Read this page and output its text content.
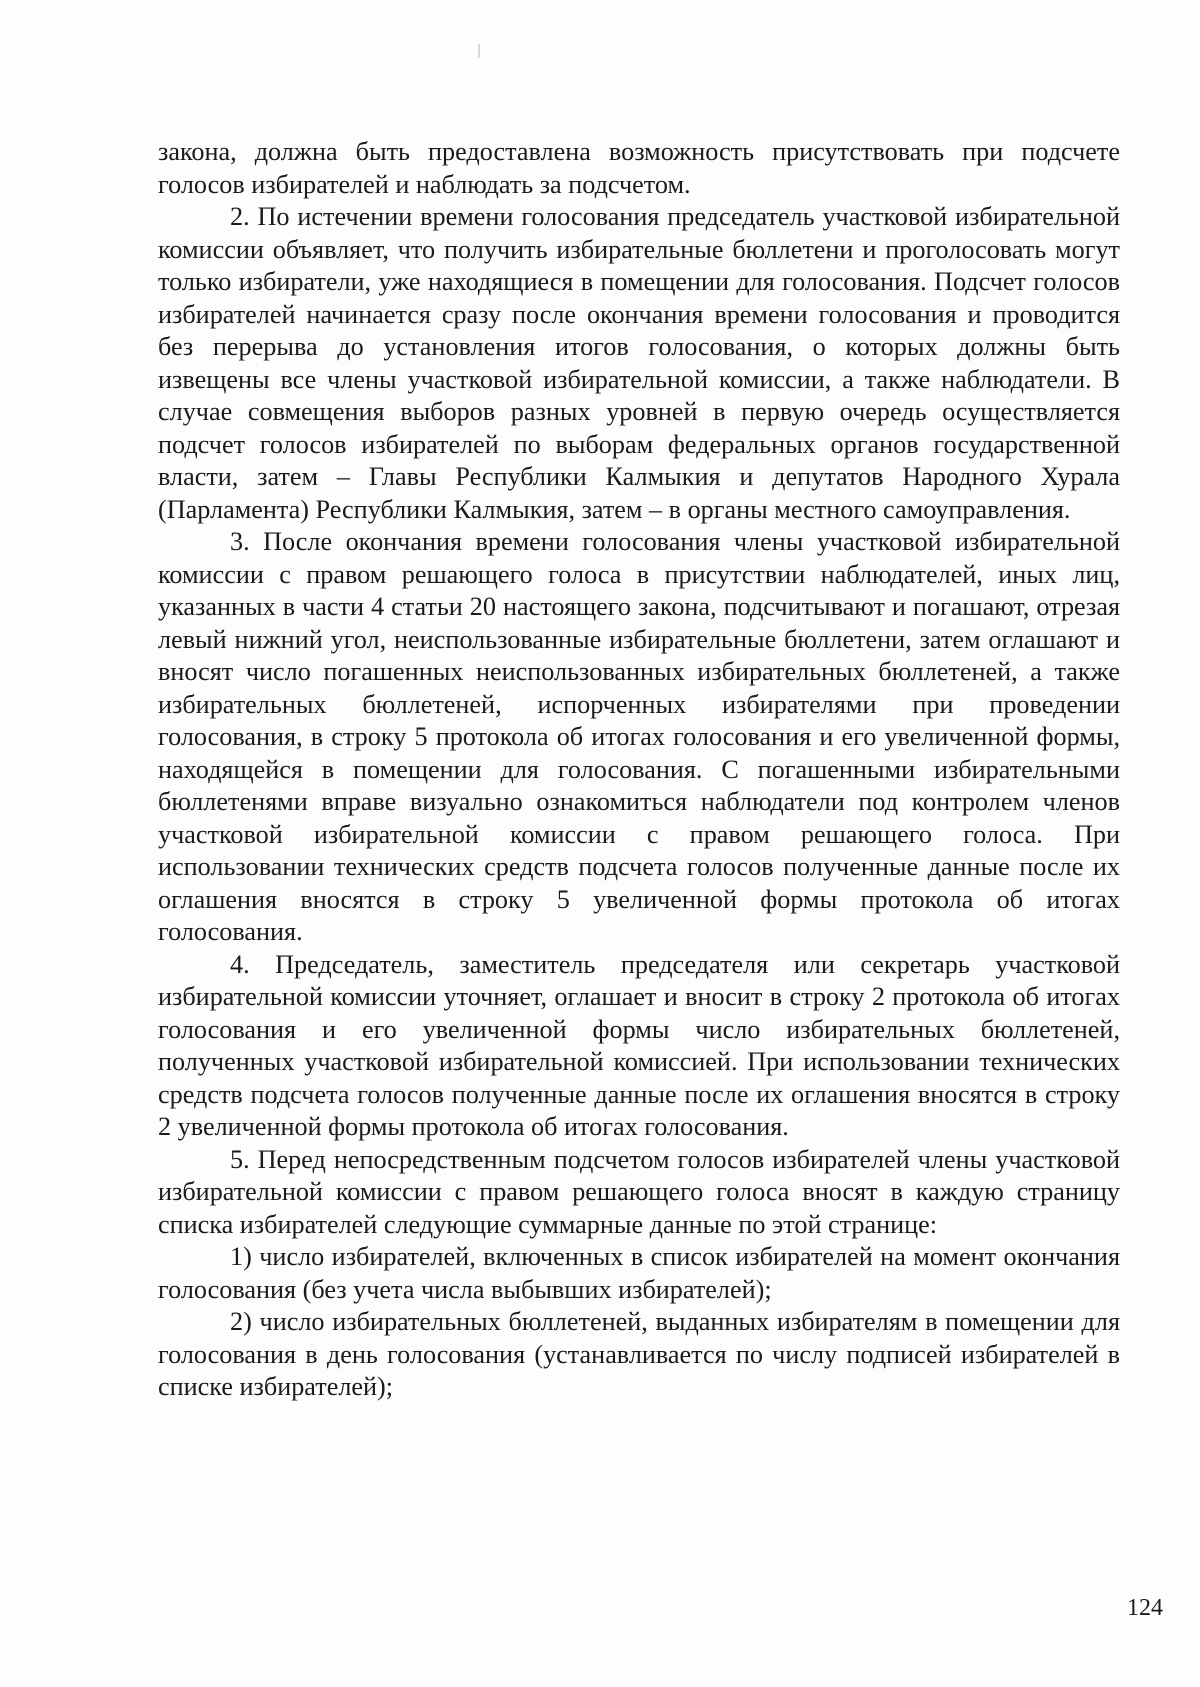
закона, должна быть предоставлена возможность присутствовать при подсчете голосов избирателей и наблюдать за подсчетом.

2. По истечении времени голосования председатель участковой избирательной комиссии объявляет, что получить избирательные бюллетени и проголосовать могут только избиратели, уже находящиеся в помещении для голосования. Подсчет голосов избирателей начинается сразу после окончания времени голосования и проводится без перерыва до установления итогов голосования, о которых должны быть извещены все члены участковой избирательной комиссии, а также наблюдатели. В случае совмещения выборов разных уровней в первую очередь осуществляется подсчет голосов избирателей по выборам федеральных органов государственной власти, затем – Главы Республики Калмыкия и депутатов Народного Хурала (Парламента) Республики Калмыкия, затем – в органы местного самоуправления.

3. После окончания времени голосования члены участковой избирательной комиссии с правом решающего голоса в присутствии наблюдателей, иных лиц, указанных в части 4 статьи 20 настоящего закона, подсчитывают и погашают, отрезая левый нижний угол, неиспользованные избирательные бюллетени, затем оглашают и вносят число погашенных неиспользованных избирательных бюллетеней, а также избирательных бюллетеней, испорченных избирателями при проведении голосования, в строку 5 протокола об итогах голосования и его увеличенной формы, находящейся в помещении для голосования. С погашенными избирательными бюллетенями вправе визуально ознакомиться наблюдатели под контролем членов участковой избирательной комиссии с правом решающего голоса. При использовании технических средств подсчета голосов полученные данные после их оглашения вносятся в строку 5 увеличенной формы протокола об итогах голосования.

4. Председатель, заместитель председателя или секретарь участковой избирательной комиссии уточняет, оглашает и вносит в строку 2 протокола об итогах голосования и его увеличенной формы число избирательных бюллетеней, полученных участковой избирательной комиссией. При использовании технических средств подсчета голосов полученные данные после их оглашения вносятся в строку 2 увеличенной формы протокола об итогах голосования.

5. Перед непосредственным подсчетом голосов избирателей члены участковой избирательной комиссии с правом решающего голоса вносят в каждую страницу списка избирателей следующие суммарные данные по этой странице:

1) число избирателей, включенных в список избирателей на момент окончания голосования (без учета числа выбывших избирателей);

2) число избирательных бюллетеней, выданных избирателям в помещении для голосования в день голосования (устанавливается по числу подписей избирателей в списке избирателей);

124
